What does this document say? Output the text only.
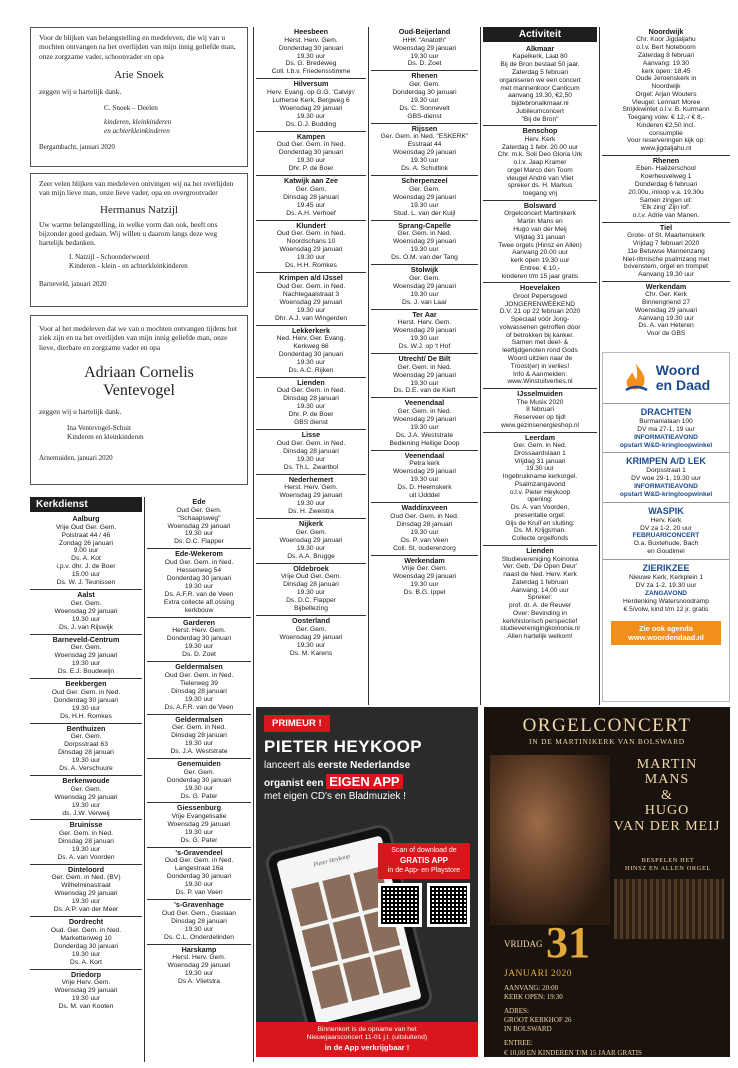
Voor de blijken van belangstelling en medeleven, die wij van u mochten ontvangen na het overlijden van mijn innig geliefde man, onze zorgzame vader, schoonvader en opa

Arie Snoek

zeggen wij u hartelijk dank.

C. Snoek – Deelen
kinderen, kleinkinderen
en achterkleinkinderen
Bergambacht, januari 2020

Zeer velen blijken van medeleven ontvingen wij na het overlijden van mijn lieve man, onze lieve vader, opa en overgrootvader

Hermanus Natzijl

Uw warme belangstelling, in welke vorm dan ook, heeft ons bijzonder goed gedaan. Wij willen u daarom langs deze weg hartelijk bedanken.

I. Natzijl - Schoonderwoerd
Kinderen - klein - en achterkleinkinderen
Barneveld, januari 2020

Voor al het medeleven dat we van u mochten ontvangen tijdens het ziek zijn en na het overlijden van mijn innig geliefde man, onze lieve, dierbare en zorgzame vader en opa

Adriaan Cornelis
Ventevogel

zeggen wij u hartelijk dank.

Ina Ventevogel-Schuit
Kinderen en kleinkinderen
Arnemuiden, januari 2020
Kerkdienst
Aalburg
Vrije Oud Ger. Gem.
Polstraat 44 / 46
Zondag 26 januari
9.00 uur
Ds. A. Kot
i.p.v. dhr. J. de Boer
15.00 uur
Ds. W. J. Teunissen
Aalst
Ger. Gem.
Woensdag 29 januari
19.30 uur
Ds. J. van Rijswijk
Barneveld-Centrum
Ger. Gem.
Woensdag 29 januari
19.30 uur
Ds. E.J. Boudewijn
Beekbergen
Oud Ger. Gem. in Ned.
Donderdag 30 januari
19.30 uur
Ds. H.H. Romkes
Benthuizen
Ger. Gem.
Dorpsstraat 63
Dinsdag 28 januari
19.30 uur
Ds. A. Verschuure
Berkenwoude
Ger. Gem.
Woensdag 29 januari
19.30 uur
ds. J.W. Verweij
Bruinisse
Ger. Gem. in Ned.
Dinsdag 28 januari
19.30 uur
Ds. A. van Voorden
Dinteloord
Ger. Gem. in Ned. (BV)
Wilhelminastraat
Woensdag 29 januari
19.30 uur
Ds. A.P. van der Meer
Dordrecht
Oud. Ger. Gem. in Ned.
Markettenweg 10
Donderdag 30 januari
19.30 uur
Ds. A. Kort
Driedorp
Vrije Herv. Gem.
Woensdag 29 januari
19.30 uur
Ds. M. van Kooten
Ede
Oud Ger. Gem.
"Schaapsweg"
Woensdag 29 januari
19.30 uur
Ds. D.C. Flapper
Ede-Wekerom
Oud Ger. Gem. in Ned.
Hessenweg 54
Donderdag 30 januari
19.30 uur
Ds. A.F.R. van de Veen
Extra collecte afl.ossing
kerkbouw
Garderen
Herst. Herv. Gem.
Donderdag 30 januari
19.30 uur
Ds. D. Zoet
Geldermalsen
Oud Ger. Gem. in Ned.
Tielerweg 39
Dinsdag 28 januari
19.30 uur
Ds. A.F.R. van de Veen
Geldermalsen
Ger. Gem. in Ned.
Dinsdag 28 januari
19.30 uur
Ds. J.A. Weststrate
Genemuiden
Ger. Gem.
Donderdag 30 januari
19.30 uur
Ds. G. Pater
Giessenburg
Vrije Evangelisatie
Woensdag 29 januari
19.30 uur
Ds. G. Pater
's-Gravendeel
Oud Ger. Gem. in Ned.
Langestraat 16a
Donderdag 30 januari
19.30 uur
Ds. P. van Veen
's-Gravenhage
Oud Ger. Gem., Gaslaan
Dinsdag 28 januari
19.30 uur
Ds. C.L. Onderdelinden
Harskamp
Herst. Herv. Gem.
Woensdag 29 januari
19.30 uur
Ds A. Vlietstra
Heesbeen
Herst. Herv. Gem.
Donderdag 30 januari
19.30 uur
Ds. G. Bredeweg
Coll. t.b.v. Friedensstimme
Hilversum
Herv. Evang. op G.G. 'Calvijn'
Lutherse Kerk, Bergweg 6
Woensdag 29 januari
19.30 uur
Ds. D.J. Budding
Kampen
Oud Ger. Gem. in Ned.
Donderdag 30 januari
19.30 uur
Dhr. P. de Boer
Katwijk aan Zee
Ger. Gem.
Dinsdag 28 januari
19.45 uur
Ds. A.H. Verhoef
Klundert
Oud Ger. Gem. in Ned.
Noordschans 10
Woensdag 29 januari
19.30 uur
Ds. H.H. Romkes
Krimpen a/d IJssel
Oud Ger. Gem. in Ned.
Nachtegaalstraat 3
Woensdag 29 januari
19.30 uur
Dhr. A.J. van Wingerden
Lekkerkerk
Ned. Herv. Ger. Evang.
Kerkweg 66
Donderdag 30 januari
19.30 uur
Ds. A.C. Rijken
Lienden
Oud Ger. Gem. in Ned.
Dinsdag 28 januari
19.30 uur
Dhr. P. de Boer
GBS dienst
Lisse
Oud Ger. Gem. in Ned.
Dinsdag 28 januari
19.30 uur
Ds. Th.L. Zwartbol
Nederhemert
Herst. Herv. Gem.
Woensdag 29 januari
19.30 uur
Ds. H. Zweistra
Nijkerk
Ger. Gem.
Woensdag 29 januari
19.30 uur
Ds. A.A. Brugge
Oldebroek
Vrije Oud Ger. Gem.
Dinsdag 28 januari
19.30 uur
Ds. D.C. Flapper
Bijbellezing
Oosterland
Ger. Gem.
Woensdag 29 januari
19.30 uur
Ds. M. Karens
Oud-Beijerland
HHK "Anatoth"
Woensdag 29 januari
19.30 uur
Ds. D. Zoet
Rhenen
Ger. Gem.
Donderdag 30 januari
19.30 uur
Ds. C. Sonnevelt
GBS-dienst
Rijssen
Ger. Gem. in Ned. "ESKERK"
Esstraat 44
Woensdag 29 januari
19.30 uur
Ds. A. Schultink
Scherpenzeel
Ger. Gem.
Woensdag 29 januari
19.30 uur
Stud. L. van der Kuijl
Sprang-Capelle
Ger. Gem. in Ned.
Woensdag 29 januari
19.30 uur
Ds. O.M. van der Tang
Stolwijk
Ger. Gem.
Woensdag 29 januari
19.30 uur
Ds. J. van Laar
Ter Aar
Herst. Herv. Gem.
Woensdag 29 januari
19.30 uur
Ds. W.J. op 't Hof
Utrecht/ De Bilt
Ger. Gem. in Ned.
Woensdag 29 januari
19.30 uur
Ds. D.E. van de Kieft
Veenendaal
Ger. Gem. in Ned.
Woensdag 29 januari
19.30 uur
Ds. J.A. Weststrate
Bediening Heilige Doop
Veenendaal
Petra kerk
Woensdag 29 januari
19.30 uur
Ds. D. Heemskerk
uit IJdddel
Waddinxveen
Oud Ger. Gem. in Ned.
Dinsdag 28 januari
19.30 uur
Ds. P. van Veen
Coll. St. ouderenzorg
Werkendam
Vrije Ger. Gem.
Woensdag 29 januari
19.30 uur
Ds. B.G. Ippel
Activiteit
Alkmaar
Kapelkerk, Laat 80
Bij de Bron bestaat 50 jaar.
Zaterdag 5 februari
organiseren we een concert
met mannenkoor Canticum
aanvang 19.30, €2,50
bijdebronalkmaar.nl
Jubileumconcert
"Bij de Bron"
Benschop
Herv. Kerk
Zaterdag 1 febr. 20.00 uur
Chr. m.k. Soli Deo Gloria Urk
o.l.v. Jaap Kramer
orgel Marco den Toom
vleugel André van Vliet
spreker ds. H. Markus
toegang vrij
Bolsward
Orgelconcert Martinikerk
Martin Mans en
Hugo van der Meij
Vrijdag 31 januari
Twee orgels (Hinsz en Allen)
Aanvang 20.00 uur
kerk open 19.30 uur
Entree: € 10,-
kinderen t/m 15 jaar gratis
Hoevelaken
Groot Pepersgoed
JONGERENWEEKEND
D.V. 21 op 22 februari 2020
Speciaal vóór Jong-
volwassenen getroffen door
of betrokken bij kanker.
Samen met deel- &
leeftijdgenoten rond Gods
Woord uitzien naar de
Troost(er) in verlies!
Info & Aanmelden:
www.Winstuitverlies.nl
IJsselmuiden
The Musix 2020
8 februari
Reserveer op tijd!
www.gezinsenergieshop.nl
Leerdam
Ger. Gem. in Ned.
Drossaardslaan 1
Vrijdag 31 januari
19.30 uur
Ingebruikname kerkorgel.
Psalmzangavond
o.l.v. Pieter Heykoop
opening:
Ds. A. van Voorden,
presentatie orgel:
Gijs de Kruif en sluiting:
Ds. M. Krijgsman.
Collecte orgelfonds
Lienden
Studievereniging Koinonia
Ver. Geb. 'De Open Deur'
naast de Ned. Herv. Kerk
Zaterdag 1 februari
Aanvang: 14.00 uur
Spreker:
prof. dr. A. de Reuver
Over: Bevinding in
kerkhistorisch perspectief
studieverenigingkoinonia.nl
Allen hartelijk welkom!
Noordwijk
Chr. Koor Jigdaljahu
o.l.v. Bert Noteboom
Zaterdag 8 februari
Aanvang: 19.30
kerk open: 18.45
Oude Jeroenskerk in
Noordwijk
Orgel: Arjan Wouters
Vleugel: Lennart Moree
Strijkkwintet o.l.v. B. Kurmann
Toegang volw. € 12,-/ € 8,-
Kinderen €2,50 incl.
consumptie
Voor reserveringen kijk op:
www.jigdaljahu.nl
Rhenen
Eben- Haëzerschool
Koerheuvelweg 1
Donderdag 6 februari
20.00u, inloop v.a. 19.30u
Samen zingen uit:
'Elk zing' Zijn lof'.
o.l.v. Adrie van Manen.
Tiel
Grote- of St. Maartenskerk
Vrijdag 7 februari 2020
11e Betuwse Mannenzang
Niet-ritmische psalmzang met
bovenstem, orgel en trompet
Aanvang 19.30 uur
Werkendam
Chr. Ger. Kerk
Binnengriend 27
Woensdag 29 januari
Aanvang 19.30 uur
Ds. A. van Heteren
Voor de GBS
Woord
en Daad
DRACHTEN
Burmanialaan 100
DV ma 27-1, 19 uur
INFORMATIEAVOND
opstart W&D-kringloopwinkel
KRIMPEN A/D LEK
Dorpsstraat 1
DV woe 29-1, 19.30 uur
INFORMATIEAVOND
opstart W&D-kringloopwinkel
WASPIK
Herv. Kerk
DV za 1-2, 20 uur
FEBRUARICONCERT
O.a. Buxtehude, Bach
en Goudimel
ZIERIKZEE
Nieuwe Kerk, Kerkplein 1
DV za 1-2, 19.30 uur
ZANGAVOND
Herdenking Watersnoodramp
€ 5/volw, kind t/m 12 jr. gratis
Zie ook agenda www.woordendaad.nl
PRIMEUR !
PIETER HEYKOOP
lanceert als eerste Nederlandse
organist een EIGEN APP
met eigen CD's en Bladmuziek !
Pieter Heykoop
Scan of download de
GRATIS APP
in de App- en Playstore
Binnenkort is de opname van het
Nieuwjaarsconcert 11-01 j.l. (uitsluitend)
in de App verkrijgbaar !
ORGELCONCERT
IN DE MARTINIKERK VAN BOLSWARD
MARTIN
MANS
&
HUGO
VAN DER MEIJ
BESPELEN HET
HINSZ EN ALLEN ORGEL
VRIJDAG 31
JANUARI 2020
AANVANG: 20:00
KERK OPEN: 19:30
ADRES:
GROOT KERKHOF 26
IN BOLSWARD
ENTREE:
€ 10,00 EN KINDEREN T/M 15 JAAR GRATIS
